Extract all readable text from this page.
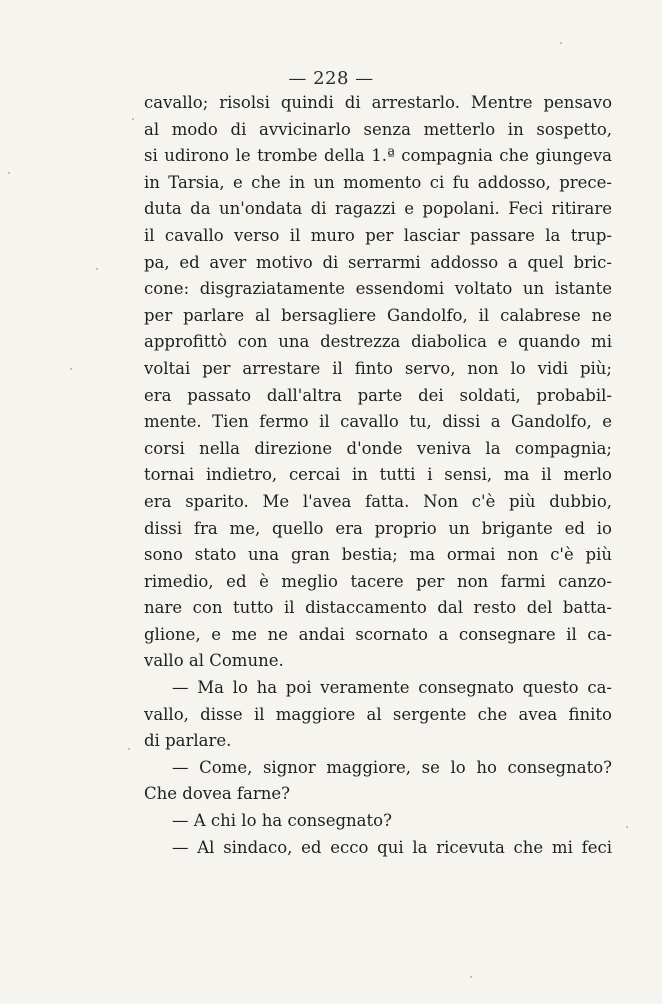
— 228 —
cavallo; risolsi quindi di arrestarlo. Mentre pensavo
al modo di avvicinarlo senza metterlo in sospetto,
si udirono le trombe della 1.ª compagnia che giungeva
in Tarsia, e che in un momento ci fu addosso, prece-
duta da un'ondata di ragazzi e popolani. Feci ritirare
il cavallo verso il muro per lasciar passare la trup-
pa, ed aver motivo di serrarmi addosso a quel bric-
cone: disgraziatamente essendomi voltato un istante
per parlare al bersagliere Gandolfo, il calabrese ne
approfittò con una destrezza diabolica e quando mi
voltai per arrestare il finto servo, non lo vidi più;
era passato dall'altra parte dei soldati, probabil-
mente. Tien fermo il cavallo tu, dissi a Gandolfo, e
corsi nella direzione d'onde veniva la compagnia;
tornai indietro, cercai in tutti i sensi, ma il merlo
era sparito. Me l'avea fatta. Non c'è più dubbio,
dissi fra me, quello era proprio un brigante ed io
sono stato una gran bestia; ma ormai non c'è più
rimedio, ed è meglio tacere per non farmi canzo-
nare con tutto il distaccamento dal resto del batta-
glione, e me ne andai scornato a consegnare il ca-
vallo al Comune.
— Ma lo ha poi veramente consegnato questo ca-
vallo, disse il maggiore al sergente che avea finito
di parlare.
— Come, signor maggiore, se lo ho consegnato?
Che dovea farne?
— A chi lo ha consegnato?
— Al sindaco, ed ecco qui la ricevuta che mi feci
